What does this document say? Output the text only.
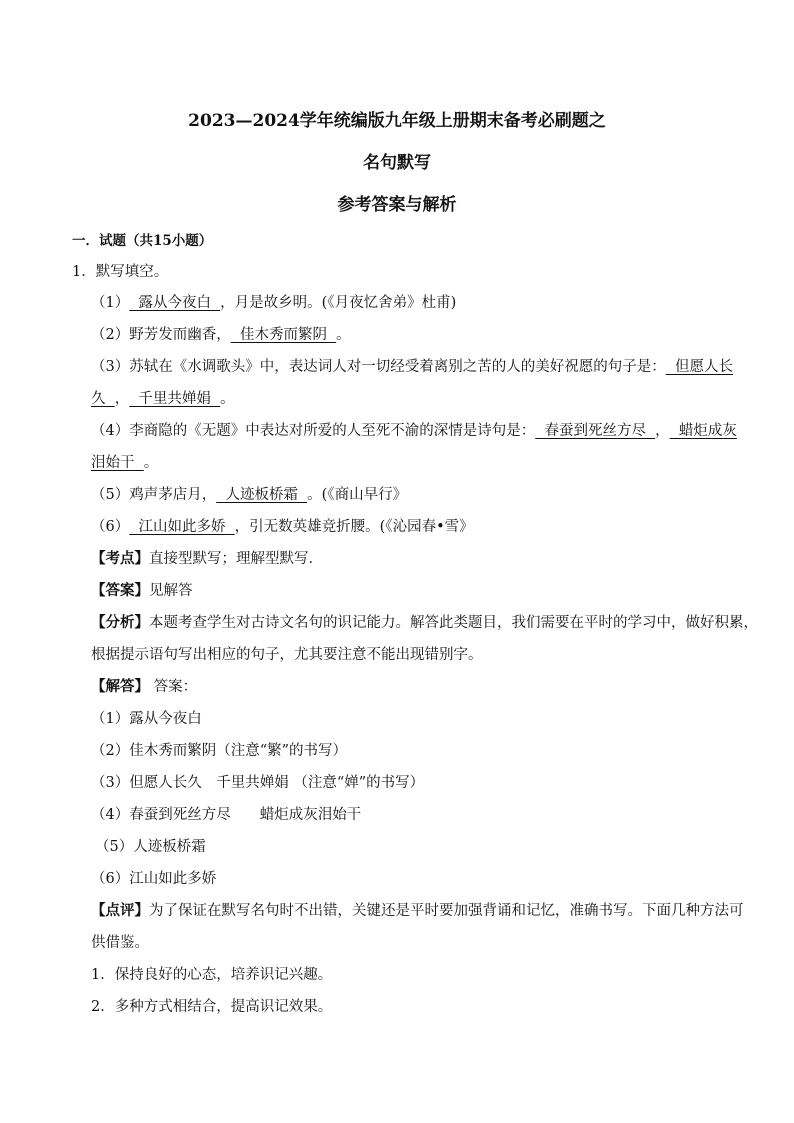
2023—2024学年统编版九年级上册期末备考必刷题之
名句默写
参考答案与解析
一．试题（共15小题）
1．默写填空。
（1）  露从今夜白  ，月是故乡明。(《月夜忆舍弟》杜甫)
（2）野芳发而幽香，  佳木秀而繁阴  。
（3）苏轼在《水调歌头》中，表达词人对一切经受着离别之苦的人的美好祝愿的句子是：  但愿人长
久  ，  千里共婵娟  。
（4）李商隐的《无题》中表达对所爱的人至死不渝的深情是诗句是：  春蚕到死丝方尽  ，  蜡炬成灰
泪始干  。
（5）鸡声茅店月，  人迹板桥霜  。(《商山早行》
（6）  江山如此多娇  ，引无数英雄竞折腰。(《沁园春•雪》
【考点】直接型默写；理解型默写．
【答案】见解答
【分析】本题考查学生对古诗文名句的识记能力。解答此类题目，我们需要在平时的学习中，做好积累，
根据提示语句写出相应的句子，尤其要注意不能出现错别字。
【解答】 答案：
（1）露从今夜白
（2）佳木秀而繁阴（注意“繁”的书写）
（3）但愿人长久　千里共婵娟 （注意“婵”的书写）
（4）春蚕到死丝方尽　　蜡炬成灰泪始干
（5）人迹板桥霜
（6）江山如此多娇
【点评】为了保证在默写名句时不出错，关键还是平时要加强背诵和记忆，准确书写。下面几种方法可
供借鉴。
1．保持良好的心态，培养识记兴趣。
2．多种方式相结合，提高识记效果。
